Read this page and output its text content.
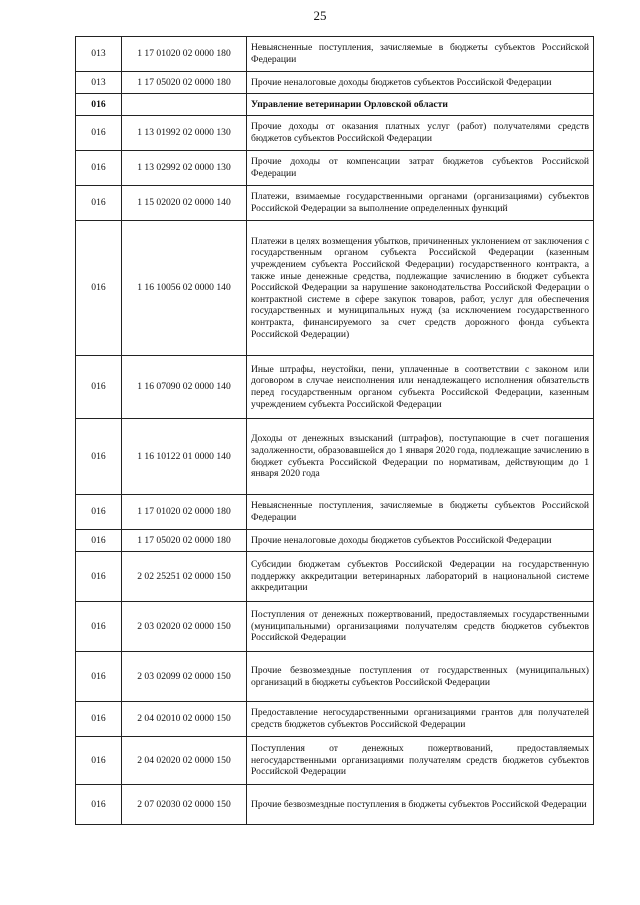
25
013	1 17 01020 02 0000 180	Невыясненные поступления, зачисляемые в бюджеты субъектов Российской Федерации
013	1 17 05020 02 0000 180	Прочие неналоговые доходы бюджетов субъектов Российской Федерации
016		Управление ветеринарии Орловской области
016	1 13 01992 02 0000 130	Прочие доходы от оказания платных услуг (работ) получателями средств бюджетов субъектов Российской Федерации
016	1 13 02992 02 0000 130	Прочие доходы от компенсации затрат бюджетов субъектов Российской Федерации
016	1 15 02020 02 0000 140	Платежи, взимаемые государственными органами (организациями) субъектов Российской Федерации за выполнение определенных функций
016	1 16 10056 02 0000 140	Платежи в целях возмещения убытков, причиненных уклонением от заключения с государственным органом субъекта Российской Федерации (казенным учреждением субъекта Российской Федерации) государственного контракта, а также иные денежные средства, подлежащие зачислению в бюджет субъекта Российской Федерации за нарушение законодательства Российской Федерации о контрактной системе в сфере закупок товаров, работ, услуг для обеспечения государственных и муниципальных нужд (за исключением государственного контракта, финансируемого за счет средств дорожного фонда субъекта Российской Федерации)
016	1 16 07090 02 0000 140	Иные штрафы, неустойки, пени, уплаченные в соответствии с законом или договором в случае неисполнения или ненадлежащего исполнения обязательств перед государственным органом субъекта Российской Федерации, казенным учреждением субъекта Российской Федерации
016	1 16 10122 01 0000 140	Доходы от денежных взысканий (штрафов), поступающие в счет погашения задолженности, образовавшейся до 1 января 2020 года, подлежащие зачислению в бюджет субъекта Российской Федерации по нормативам, действующим до 1 января 2020 года
016	1 17 01020 02 0000 180	Невыясненные поступления, зачисляемые в бюджеты субъектов Российской Федерации
016	1 17 05020 02 0000 180	Прочие неналоговые доходы бюджетов субъектов Российской Федерации
016	2 02 25251 02 0000 150	Субсидии бюджетам субъектов Российской Федерации на государственную поддержку аккредитации ветеринарных лабораторий в национальной системе аккредитации
016	2 03 02020 02 0000 150	Поступления от денежных пожертвований, предоставляемых государственными (муниципальными) организациями получателям средств бюджетов субъектов Российской Федерации
016	2 03 02099 02 0000 150	Прочие безвозмездные поступления от государственных (муниципальных) организаций в бюджеты субъектов Российской Федерации
016	2 04 02010 02 0000 150	Предоставление негосударственными организациями грантов для получателей средств бюджетов субъектов Российской Федерации
016	2 04 02020 02 0000 150	Поступления от денежных пожертвований, предоставляемых негосударственными организациями получателям средств бюджетов субъектов Российской Федерации
016	2 07 02030 02 0000 150	Прочие безвозмездные поступления в бюджеты субъектов Российской Федерации
